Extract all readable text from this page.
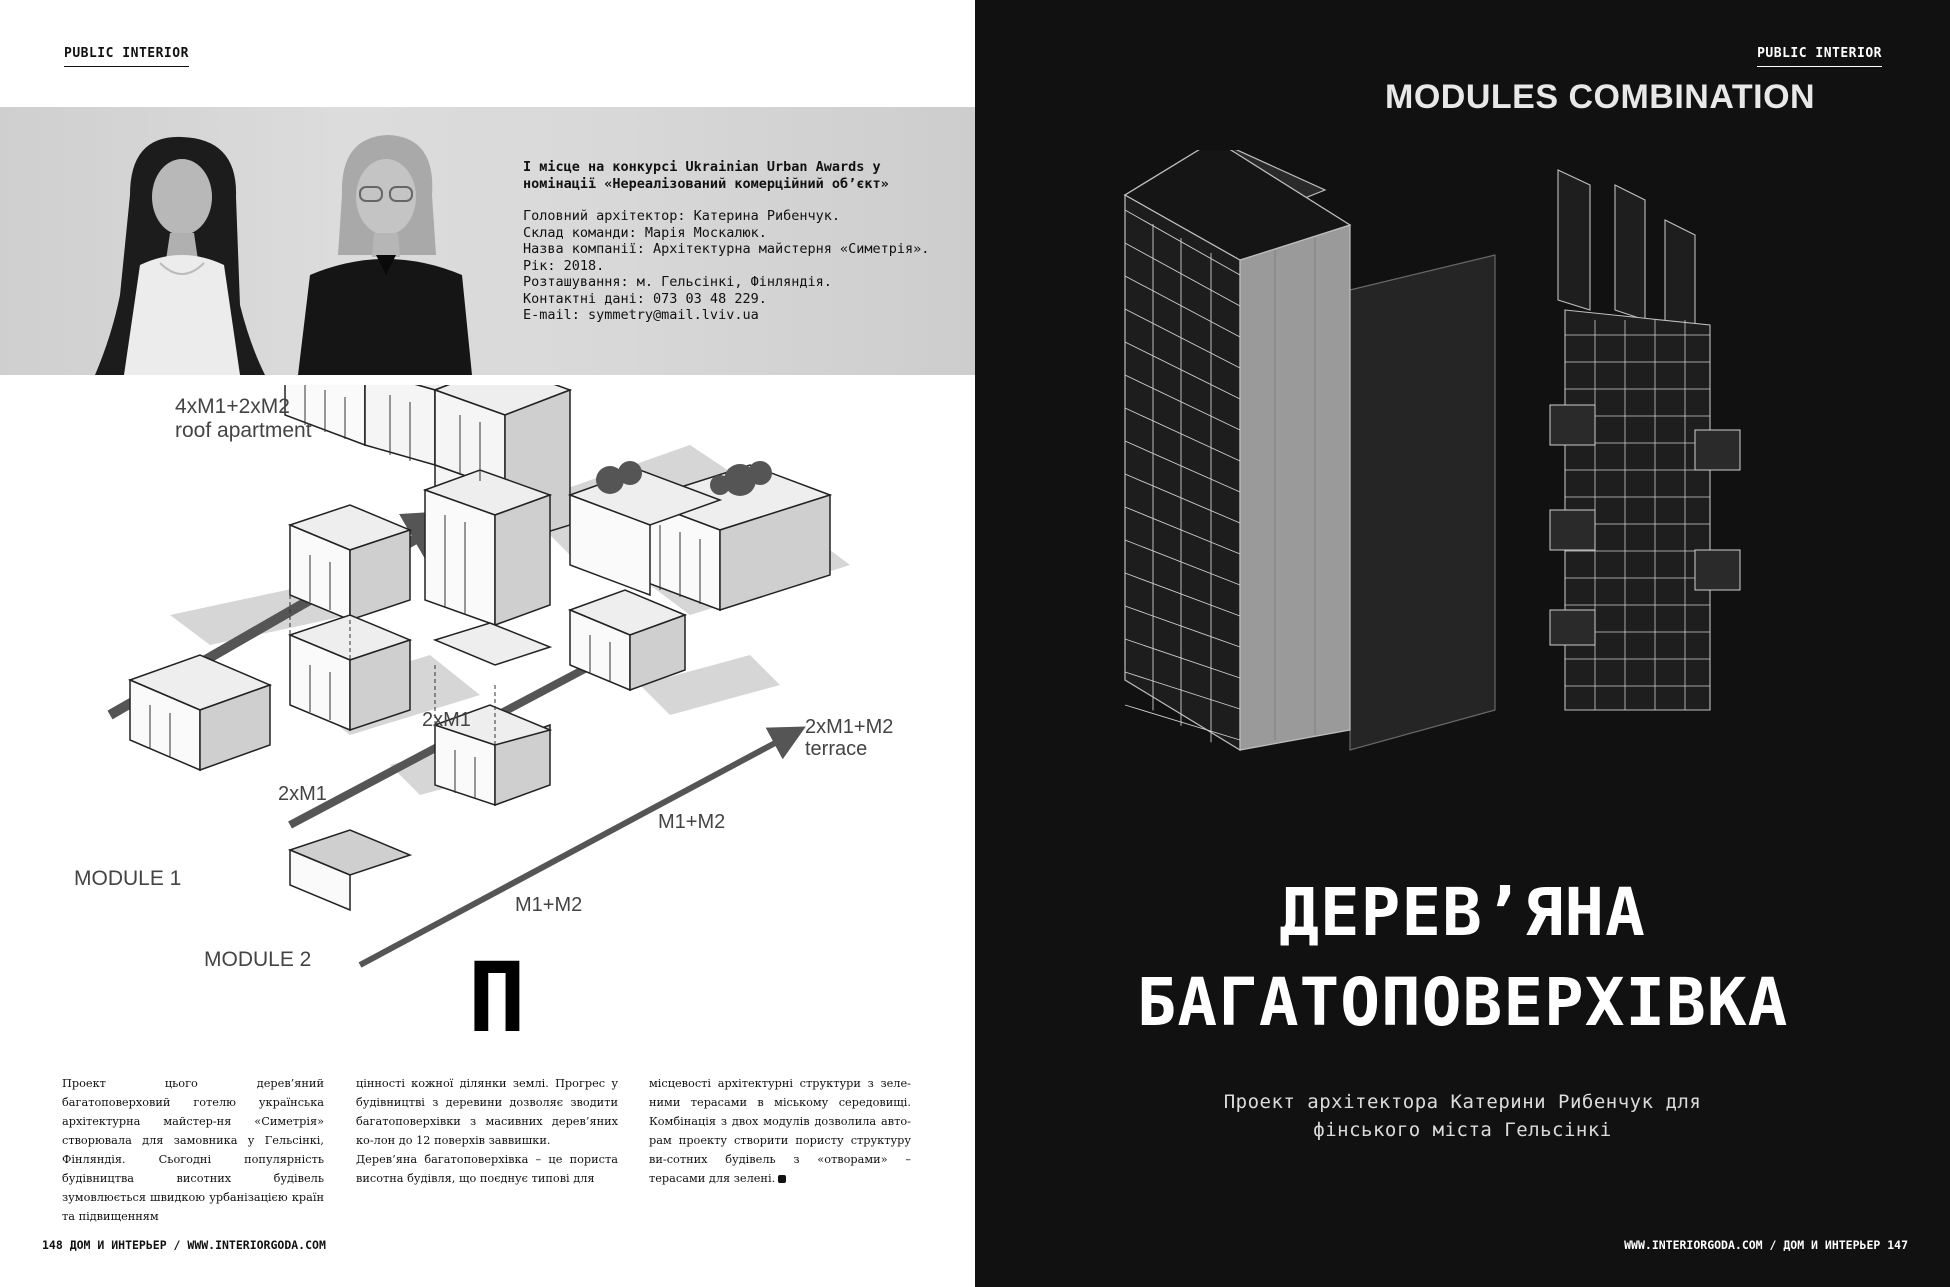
PUBLIC INTERIOR
I місце на конкурсі Ukrainian Urban Awards у
номінації «Нереалізований комерційний об’єкт»
Головний архітектор: Катерина Рибенчук.
Склад команди: Марія Москалюк.
Назва компанії: Архітектурна майстерня «Симетрія».
Рік: 2018.
Розташування: м. Гельсінкі, Фінляндія.
Контактні дані: 073 03 48 229.
E-mail: symmetry@mail.lviv.ua
4xM1+2xM2
roof apartment
2xM1
2xM1
2xM1+M2
terrace
M1+M2
M1+M2
MODULE 1
MODULE 2 П

Проект цього дерев’яний багатоповерховий готелю українська архітектурна майстер-ня «Симетрія» створювала для замовника у Гельсінкі, Фінляндія. Сьогодні популярність будівництва висотних будівель зумовлюється швидкою урбанізацією країн та підвищенням

цінності кожної ділянки землі. Прогрес у будівництві з деревини дозволяє зводити багатоповерхівки з масивних дерев’яних ко-лон до 12 поверхів заввишки.

Дерев’яна багатоповерхівка – це пориста висотна будівля, що поєднує типові для

місцевості архітектурні структури з зеле-ними терасами в міському середовищі. Комбінація з двох модулів дозволила авто-рам проекту створити пористу структуру ви-сотних будівель з «отворами» – терасами для зелені.

148 ДОМ И ИНТЕРЬЕР / WWW.INTERIORGODA.COM
PUBLIC INTERIOR
MODULES COMBINATION
ДЕРЕВ’ЯНА
БАГАТОПОВЕРХІВКА
Проект архітектора Катерини Рибенчук для
фінського міста Гельсінкі
WWW.INTERIORGODA.COM / ДОМ И ИНТЕРЬЕР 147
